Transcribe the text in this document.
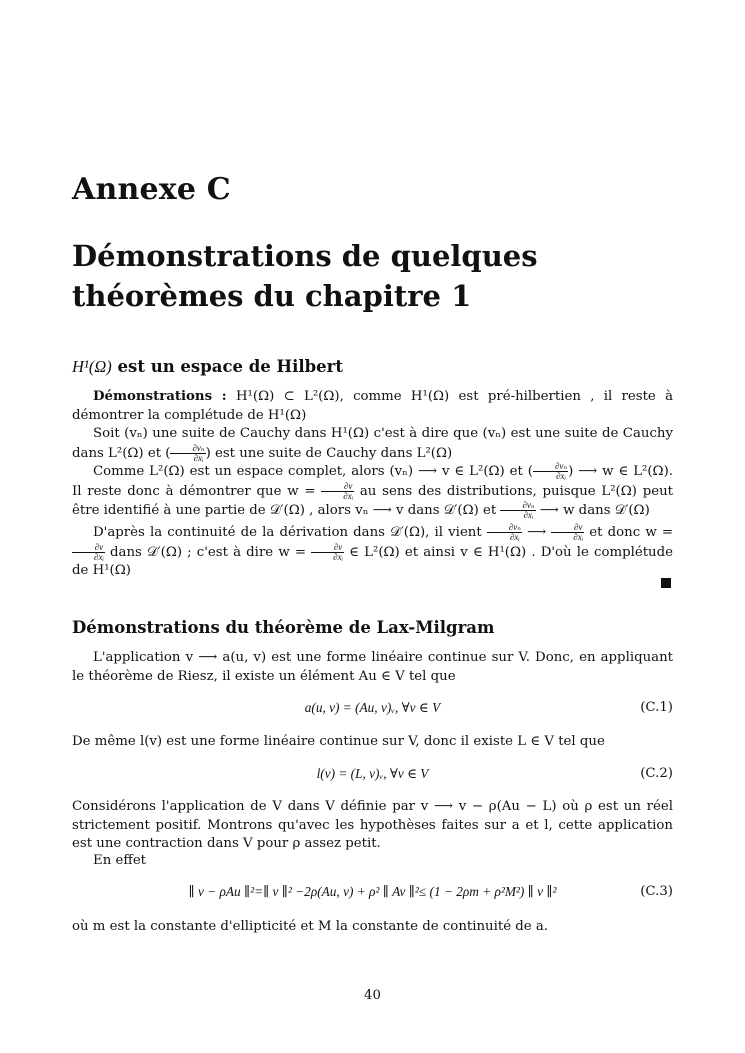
Annexe C
Démonstrations de quelques théorèmes du chapitre 1
H¹(Ω) est un espace de Hilbert
Démonstrations : H¹(Ω) ⊂ L²(Ω), comme H¹(Ω) est pré-hilbertien , il reste à démontrer la complétude de H¹(Ω)
Soit (vₙ) une suite de Cauchy dans H¹(Ω) c'est à dire que (vₙ) est une suite de Cauchy dans L²(Ω) et ( $\frac{\text{∂vₙ}}{\text{∂xᵢ}}$ ) est une suite de Cauchy dans L²(Ω)
Comme L²(Ω) est un espace complet, alors (vₙ) ⟶ v ∈ L²(Ω) et ( $\frac{\text{∂vₙ}}{\text{∂xᵢ}}$ ) ⟶ w ∈ L²(Ω). Il reste donc à démontrer que $w = \frac{\partial v}{\text{∂xᵢ}}$ au sens des distributions, puisque L²(Ω) peut être identifié à une partie de 𝒟′(Ω) , alors vₙ ⟶ v dans 𝒟′(Ω) et $\frac{\text{∂vₙ}}{\text{∂xᵢ}}$ ⟶ w dans 𝒟′(Ω)
D'après la continuité de la dérivation dans 𝒟′(Ω), il vient $\frac{\text{∂vₙ}}{\text{∂xᵢ}}$ ⟶ $\frac{\partial v}{\text{∂xᵢ}}$ et donc w =
$\frac{\partial v}{\text{∂xᵢ}}$ dans 𝒟′(Ω) ; c'est à dire $w = \frac{\partial v}{\text{∂xᵢ}}$ ∈ L²(Ω) et ainsi v ∈ H¹(Ω) . D'où le complétude de H¹(Ω)
Démonstrations du théorème de Lax-Milgram
L'application v ⟶ a(u, v) est une forme linéaire continue sur V. Donc, en appliquant le théorème de Riesz, il existe un élément Au ∈ V tel que
a(u, v) = (Au, v)ᵥ, ∀v ∈ V	(C.1)
De même l(v) est une forme linéaire continue sur V, donc il existe L ∈ V tel que
l(v) = (L, v)ᵥ, ∀v ∈ V	(C.2)
Considérons l'application de V dans V définie par v ⟶ v − ρ(Au − L) où ρ est un réel strictement positif. Montrons qu'avec les hypothèses faites sur a et l, cette application est une contraction dans V pour ρ assez petit.
En effet
∥ v − ρAu ∥²=∥ v ∥² −2ρ(Au, v) + ρ² ∥ Av ∥²≤ (1 − 2ρm + ρ²M²) ∥ v ∥²	(C.3)
où m est la constante d'ellipticité et M la constante de continuité de a.
40
